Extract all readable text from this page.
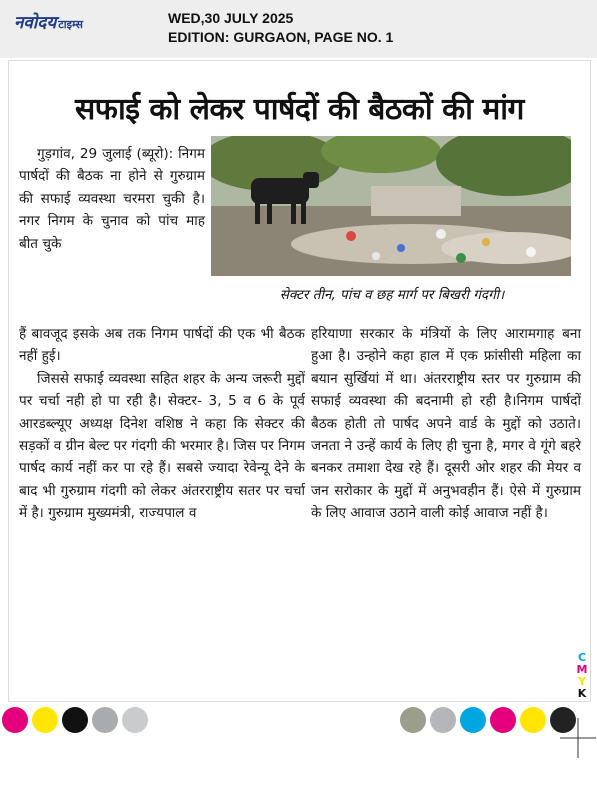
नवोदय टाइम्स	WED,30 JULY 2025
EDITION: GURGAON, PAGE NO. 1
सफाई को लेकर पार्षदों की बैठकों की मांग
सेक्टर तीन, पांच व छह मार्ग पर बिखरी गंदगी।

गुड़गांव, 29 जुलाई (ब्यूरो): निगम पार्षदों की बैठक ना होने से गुरुग्राम की सफाई व्यवस्था चरमरा चुकी है। नगर निगम के चुनाव को पांच माह बीत चुके

हैं बावजूद इसके अब तक निगम पार्षदों की एक भी बैठक नहीं हुई।

जिससे सफाई व्यवस्था सहित शहर के अन्य जरूरी मुद्दों पर चर्चा नही हो पा रही है। सेक्टर- 3, 5 व 6 के पूर्व आरडब्ल्यूए अध्यक्ष दिनेश वशिष्ठ ने कहा कि सेक्टर की सड़कों व ग्रीन बेल्ट पर गंदगी की भरमार है। जिस पर निगम पार्षद कार्य नहीं कर पा रहे हैं। सबसे ज्यादा रेवेन्यू देने के बाद भी गुरुग्राम गंदगी को लेकर अंतरराष्ट्रीय सतर पर चर्चा में है। गुरुग्राम मुख्यमंत्री, राज्यपाल व

हरियाणा सरकार के मंत्रियों के लिए आरामगाह बना हुआ है। उन्होने कहा हाल में एक फ्रांसीसी महिला का बयान सुर्खियां में था। अंतरराष्ट्रीय स्तर पर गुरुग्राम की सफाई व्यवस्था की बदनामी हो रही है।निगम पार्षदों बैठक होती तो पार्षद अपने वार्ड के मुद्दों को उठाते। जनता ने उन्हें कार्य के लिए ही चुना है, मगर वे गूंगे बहरे बनकर तमाशा देख रहे हैं। दूसरी ओर शहर की मेयर व जन सरोकार के मुद्दों में अनुभवहीन हैं। ऐसे में गुरुग्राम के लिए आवाज उठाने वाली कोई आवाज नहीं है।

C
M
Y
K
